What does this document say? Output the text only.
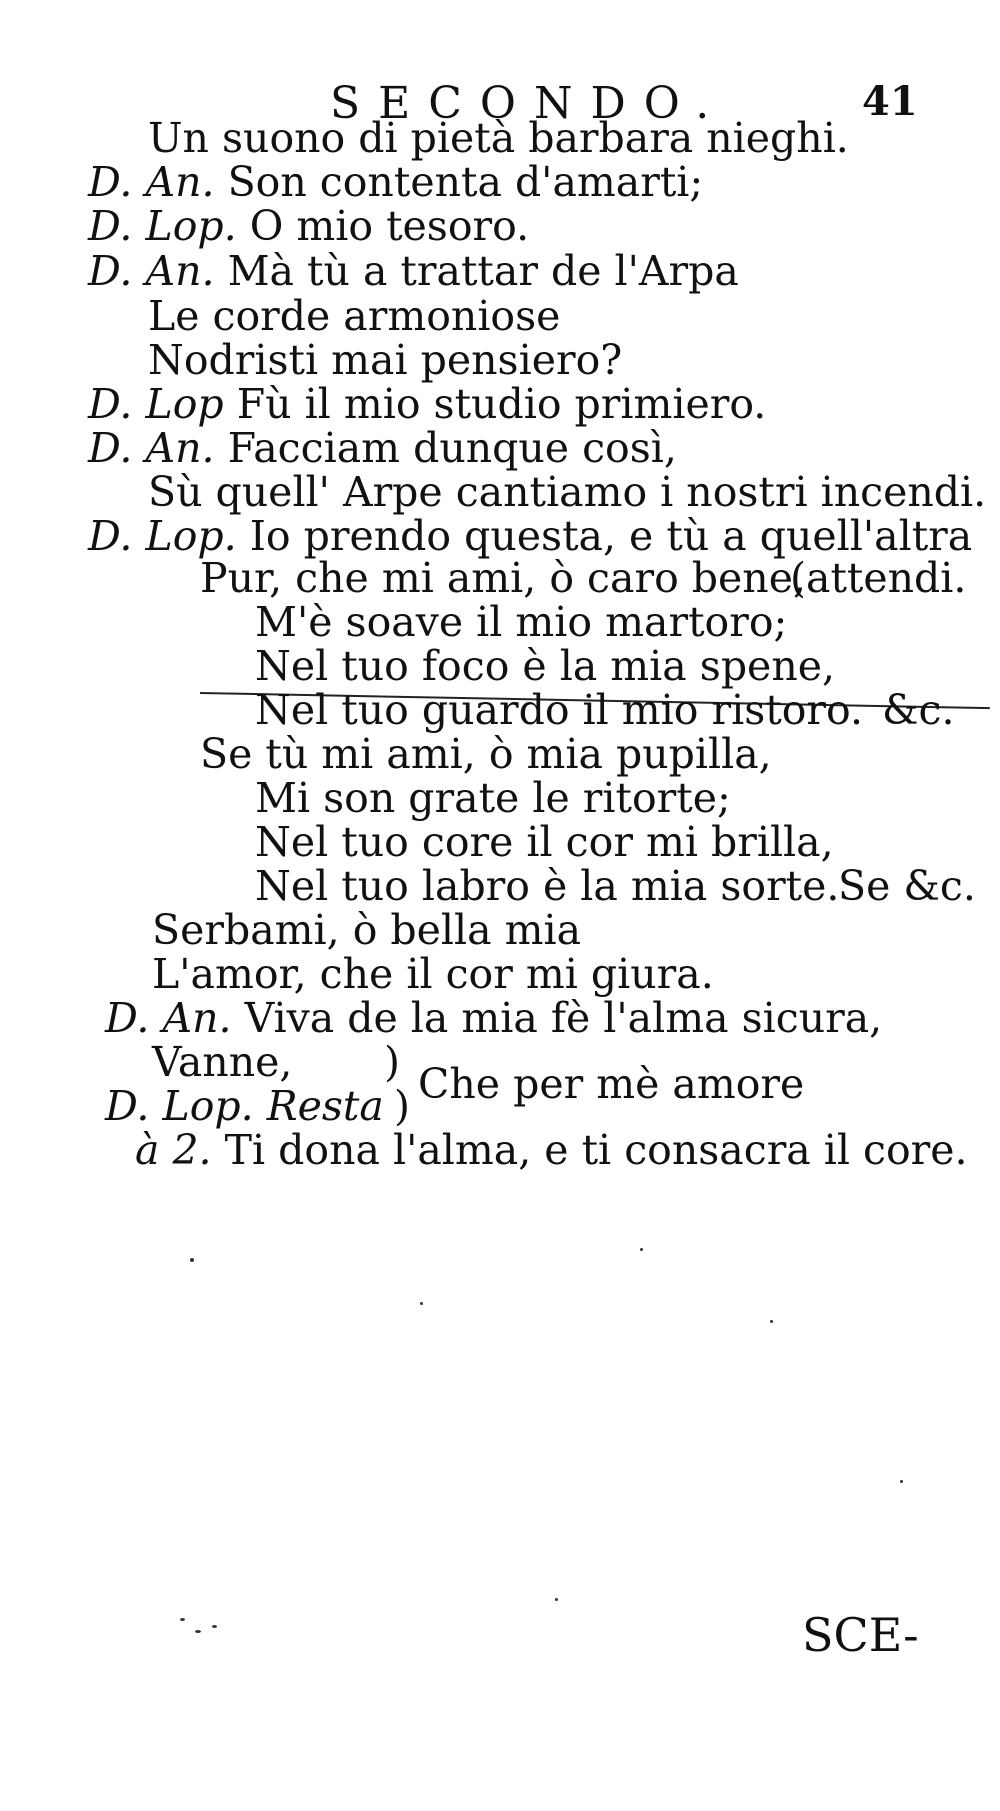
SECONDO.	41
Un suono di pietà barbara nieghi.
D. An. Son contenta d'amarti;
D. Lop. O mio tesoro.
D. An. Mà tù a trattar de l'Arpa
Le corde armoniose
Nodristi mai pensiero?
D. Lop Fù il mio studio primiero.
D. An. Facciam dunque così,
Sù quell' Arpe cantiamo i nostri incendi.
D. Lop. Io prendo questa, e tù a quell'altra
Pur, che mi ami, ò caro bene,
(attendi.
M'è soave il mio martoro;
Nel tuo foco è la mia spene,
Nel tuo guardo il mio ristoro. &c.
Se tù mi ami, ò mia pupilla,
Mi son grate le ritorte;
Nel tuo core il cor mi brilla,
Nel tuo labro è la mia sorte.
Se &c.
Serbami, ò bella mia
L'amor, che il cor mi giura.
D. An. Viva de la mia fè l'alma sicura,
Vanne, ) Che per mè amore
D. Lop. Resta )
à 2. Ti dona l'alma, e ti consacra il core.
SCE-
